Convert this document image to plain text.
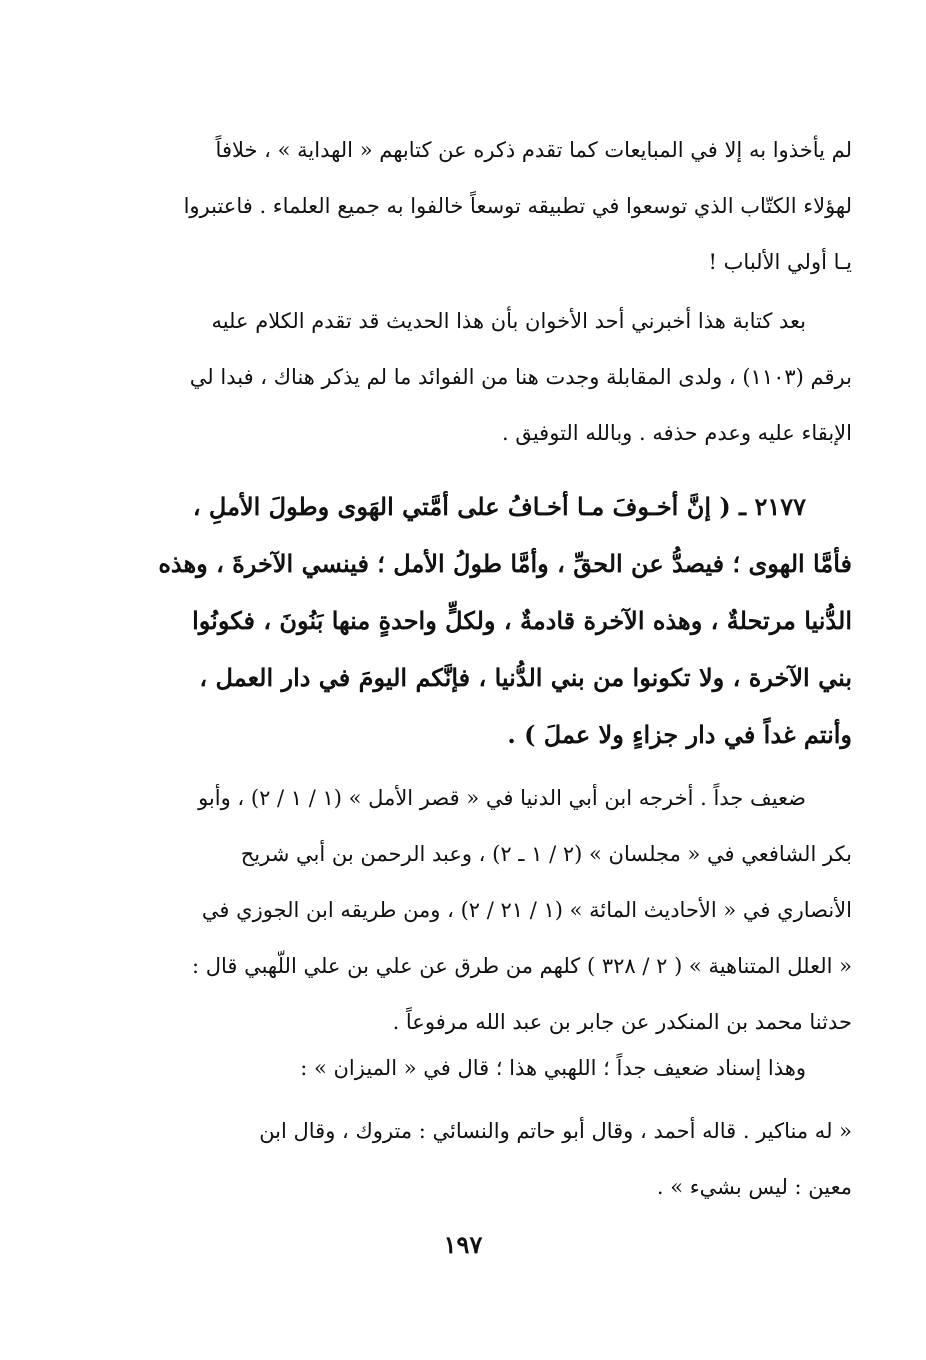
لم يأخذوا به إلا في المبايعات كما تقدم ذكره عن كتابهم « الهداية » ، خلافاً
لهؤلاء الكتّاب الذي توسعوا في تطبيقه توسعاً خالفوا به جميع العلماء . فاعتبروا
يـا أولي الألباب !
بعد كتابة هذا أخبرني أحد الأخوان بأن هذا الحديث قد تقدم الكلام عليه
برقم (١١٠٣) ، ولدى المقابلة وجدت هنا من الفوائد ما لم يذكر هناك ، فبدا لي
الإبقاء عليه وعدم حذفه . وبالله التوفيق .
٢١٧٧ ـ ( إنَّ أخـوفَ مـا أخـافُ على أمَّتي الهَوى وطولَ الأملِ ،
فأمَّا الهوى ؛ فيصدُّ عن الحقِّ ، وأمَّا طولُ الأمل ؛ فينسي الآخرةَ ، وهذه
الدُّنيا مرتحلةٌ ، وهذه الآخرة قادمةٌ ، ولكلٍّ واحدةٍ منها بَنُونَ ، فكونُوا
بني الآخرة ، ولا تكونوا من بني الدُّنيا ، فإنَّكم اليومَ في دار العمل ،
وأنتم غداً في دار جزاءٍ ولا عملَ ) .
ضعيف جداً . أخرجه ابن أبي الدنيا في « قصر الأمل » (١ / ١ / ٢) ، وأبو
بكر الشافعي في « مجلسان » (٢ / ١ ـ ٢) ، وعبد الرحمن بن أبي شريح
الأنصاري في « الأحاديث المائة » (١ / ٢١ / ٢) ، ومن طريقه ابن الجوزي في
« العلل المتناهية » ( ٢ / ٣٢٨ ) كلهم من طرق عن علي بن علي اللّهبي قال :
حدثنا محمد بن المنكدر عن جابر بن عبد الله مرفوعاً .
وهذا إسناد ضعيف جداً ؛ اللهبي هذا ؛ قال في « الميزان » :
« له مناكير . قاله أحمد ، وقال أبو حاتم والنسائي : متروك ، وقال ابن
معين : ليس بشيء » .
١٩٧
